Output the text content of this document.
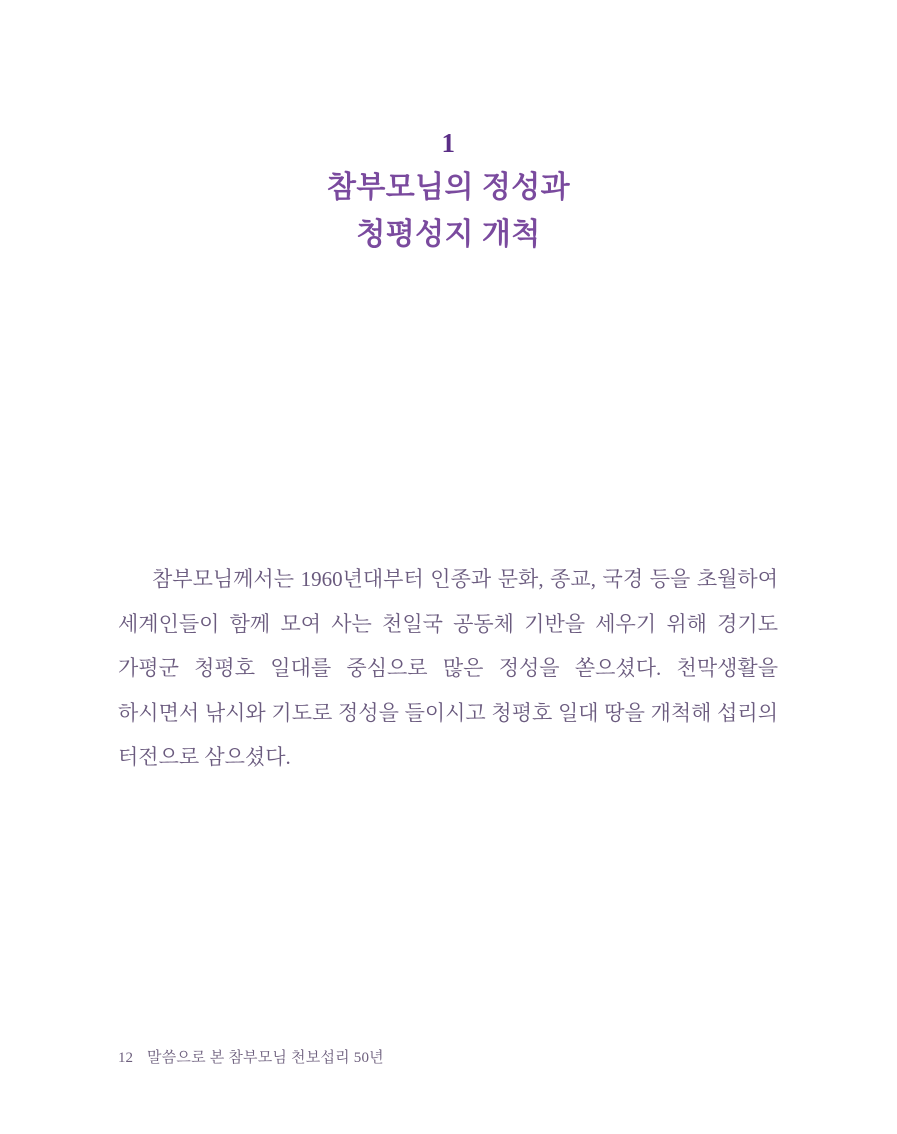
1
참부모님의 정성과
청평성지 개척

참부모님께서는 1960년대부터 인종과 문화, 종교, 국경 등을 초월하여 세계인들이 함께 모여 사는 천일국 공동체 기반을 세우기 위해 경기도 가평군 청평호 일대를 중심으로 많은 정성을 쏟으셨다. 천막생활을 하시면서 낚시와 기도로 정성을 들이시고 청평호 일대 땅을 개척해 섭리의 터전으로 삼으셨다.

12 말씀으로 본 참부모님 천보섭리 50년
